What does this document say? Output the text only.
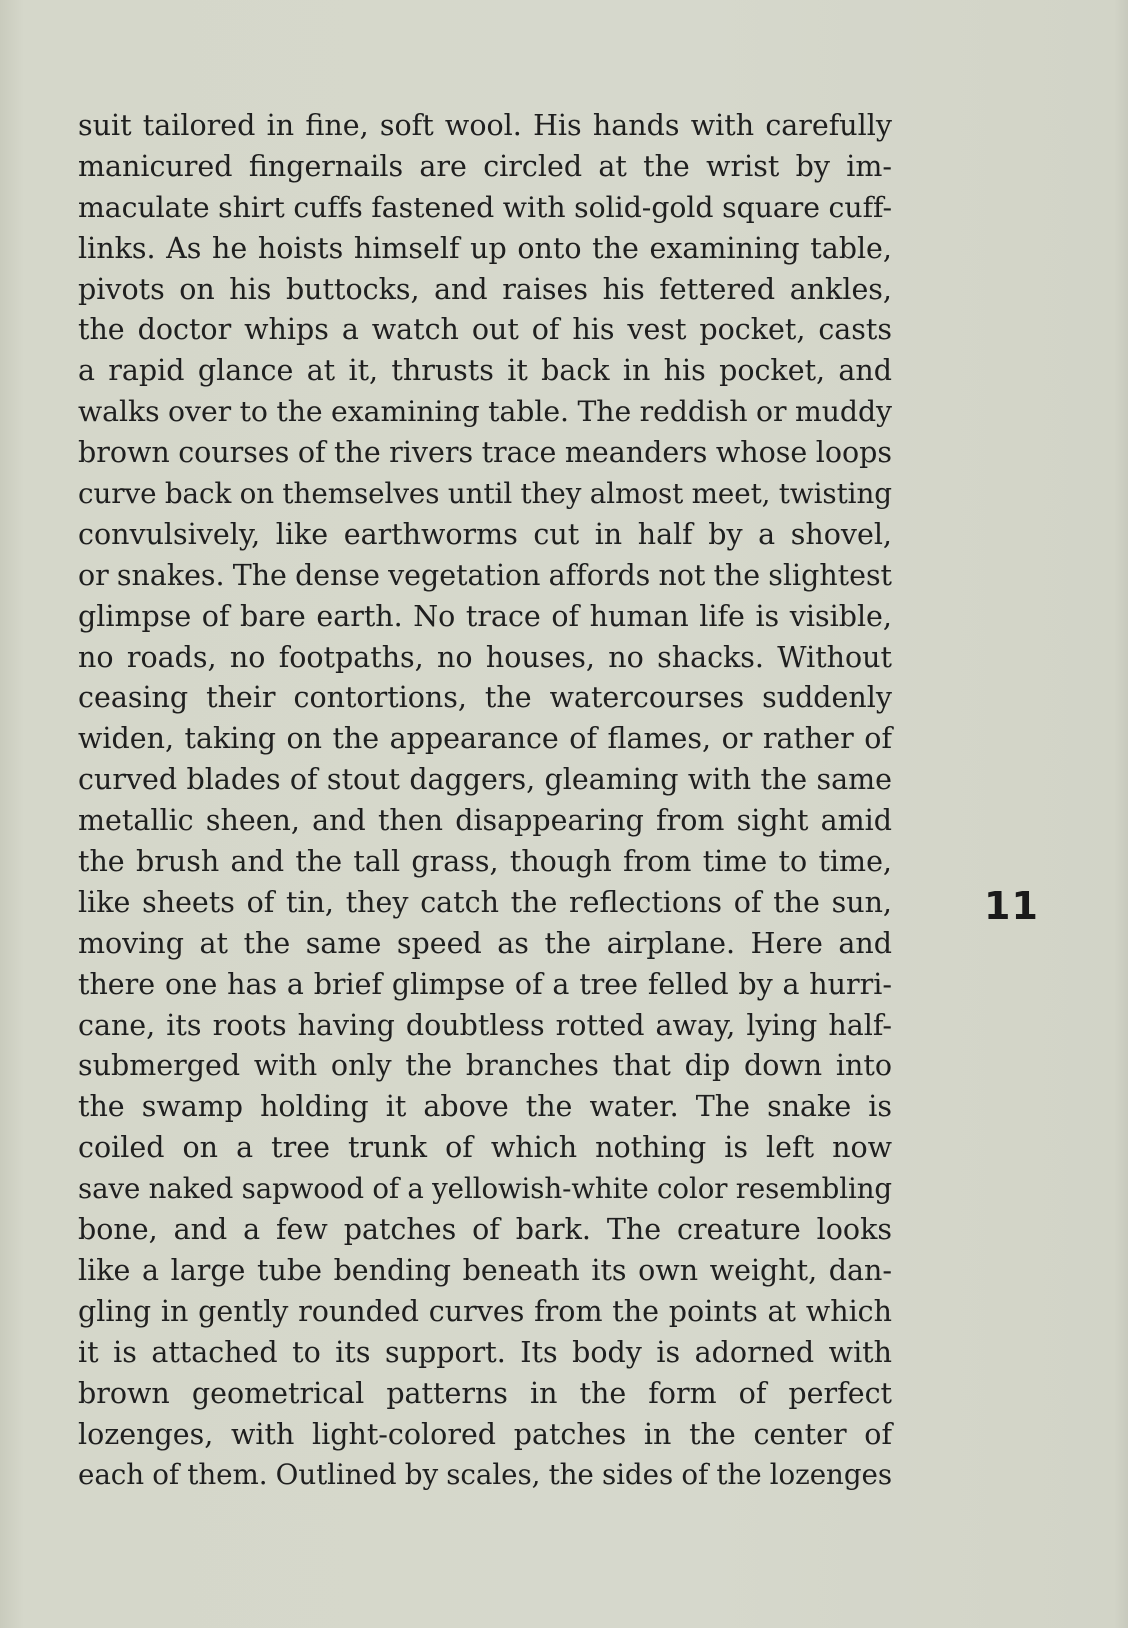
suit tailored in fine, soft wool. His hands with carefully
manicured fingernails are circled at the wrist by im-
maculate shirt cuffs fastened with solid-gold square cuff-
links. As he hoists himself up onto the examining table,
pivots on his buttocks, and raises his fettered ankles,
the doctor whips a watch out of his vest pocket, casts
a rapid glance at it, thrusts it back in his pocket, and
walks over to the examining table. The reddish or muddy
brown courses of the rivers trace meanders whose loops
curve back on themselves until they almost meet, twisting
convulsively, like earthworms cut in half by a shovel,
or snakes. The dense vegetation affords not the slightest
glimpse of bare earth. No trace of human life is visible,
no roads, no footpaths, no houses, no shacks. Without
ceasing their contortions, the watercourses suddenly
widen, taking on the appearance of flames, or rather of
curved blades of stout daggers, gleaming with the same
metallic sheen, and then disappearing from sight amid
the brush and the tall grass, though from time to time,
like sheets of tin, they catch the reflections of the sun,
moving at the same speed as the airplane. Here and
there one has a brief glimpse of a tree felled by a hurri-
cane, its roots having doubtless rotted away, lying half-
submerged with only the branches that dip down into
the swamp holding it above the water. The snake is
coiled on a tree trunk of which nothing is left now
save naked sapwood of a yellowish-white color resembling
bone, and a few patches of bark. The creature looks
like a large tube bending beneath its own weight, dan-
gling in gently rounded curves from the points at which
it is attached to its support. Its body is adorned with
brown geometrical patterns in the form of perfect
lozenges, with light-colored patches in the center of
each of them. Outlined by scales, the sides of the lozenges
11
